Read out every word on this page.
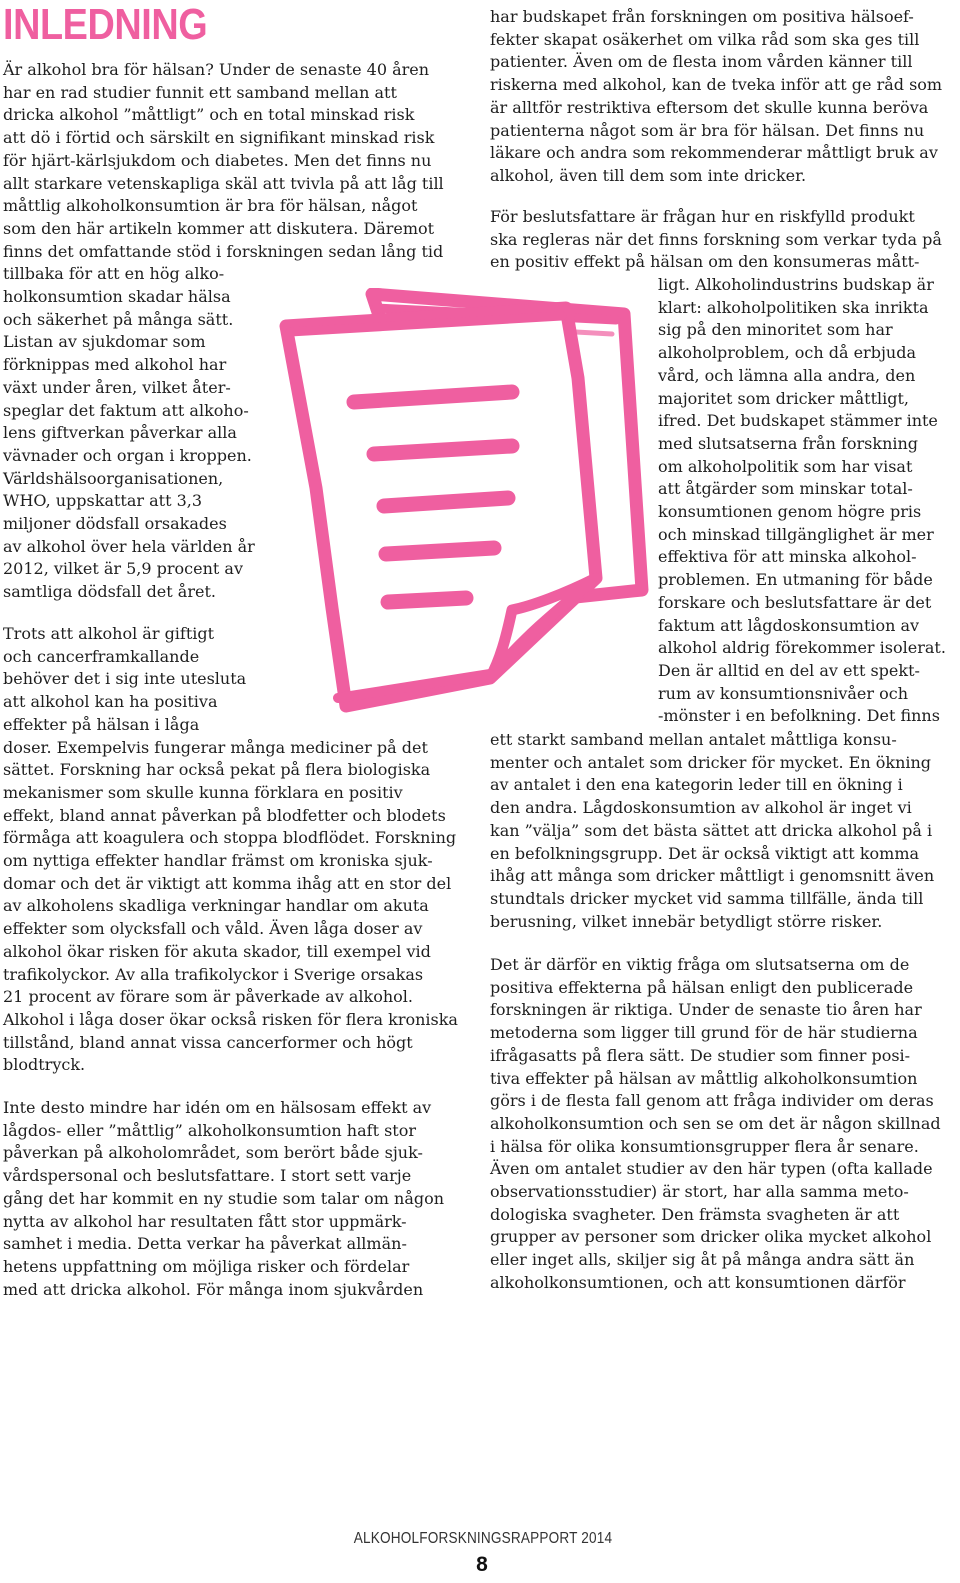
INLEDNING
Är alkohol bra för hälsan? Under de senaste 40 åren
har en rad studier funnit ett samband mellan att
dricka alkohol ”måttligt” och en total minskad risk
att dö i förtid och särskilt en signifikant minskad risk
för hjärt-kärlsjukdom och diabetes. Men det finns nu
allt starkare vetenskapliga skäl att tvivla på att låg till
måttlig alkoholkonsumtion är bra för hälsan, något
som den här artikeln kommer att diskutera. Däremot
finns det omfattande stöd i forskningen sedan lång tid
tillbaka för att en hög alko-
holkonsumtion skadar hälsa
och säkerhet på många sätt.
Listan av sjukdomar som
förknippas med alkohol har
växt under åren, vilket åter-
speglar det faktum att alkoho-
lens giftverkan påverkar alla
vävnader och organ i kroppen.
Världshälsoorganisationen,
WHO, uppskattar att 3,3
miljoner dödsfall orsakades
av alkohol över hela världen år
2012, vilket är 5,9 procent av
samtliga dödsfall det året.
Trots att alkohol är giftigt
och cancerframkallande
behöver det i sig inte utesluta
att alkohol kan ha positiva
effekter på hälsan i låga
doser. Exempelvis fungerar många mediciner på det
sättet. Forskning har också pekat på flera biologiska
mekanismer som skulle kunna förklara en positiv
effekt, bland annat påverkan på blodfetter och blodets
förmåga att koagulera och stoppa blodflödet. Forskning
om nyttiga effekter handlar främst om kroniska sjuk-
domar och det är viktigt att komma ihåg att en stor del
av alkoholens skadliga verkningar handlar om akuta
effekter som olycksfall och våld. Även låga doser av
alkohol ökar risken för akuta skador, till exempel vid
trafikolyckor. Av alla trafikolyckor i Sverige orsakas
21 procent av förare som är påverkade av alkohol.
Alkohol i låga doser ökar också risken för flera kroniska
tillstånd, bland annat vissa cancerformer och högt
blodtryck.
Inte desto mindre har idén om en hälsosam effekt av
lågdos- eller ”måttlig” alkoholkonsumtion haft stor
påverkan på alkoholområdet, som berört både sjuk-
vårdspersonal och beslutsfattare. I stort sett varje
gång det har kommit en ny studie som talar om någon
nytta av alkohol har resultaten fått stor uppmärk-
samhet i media. Detta verkar ha påverkat allmän-
hetens uppfattning om möjliga risker och fördelar
med att dricka alkohol. För många inom sjukvården
har budskapet från forskningen om positiva hälsoef-
fekter skapat osäkerhet om vilka råd som ska ges till
patienter. Även om de flesta inom vården känner till
riskerna med alkohol, kan de tveka inför att ge råd som
är alltför restriktiva eftersom det skulle kunna beröva
patienterna något som är bra för hälsan. Det finns nu
läkare och andra som rekommenderar måttligt bruk av
alkohol, även till dem som inte dricker.
För beslutsfattare är frågan hur en riskfylld produkt
ska regleras när det finns forskning som verkar tyda på
en positiv effekt på hälsan om den konsumeras mått-
ligt. Alkoholindustrins budskap är
klart: alkoholpolitiken ska inrikta
sig på den minoritet som har
alkoholproblem, och då erbjuda
vård, och lämna alla andra, den
majoritet som dricker måttligt,
ifred. Det budskapet stämmer inte
med slutsatserna från forskning
om alkoholpolitik som har visat
att åtgärder som minskar total-
konsumtionen genom högre pris
och minskad tillgänglighet är mer
effektiva för att minska alkohol-
problemen. En utmaning för både
forskare och beslutsfattare är det
faktum att lågdoskonsumtion av
alkohol aldrig förekommer isolerat.
Den är alltid en del av ett spekt-
rum av konsumtionsnivåer och
-mönster i en befolkning. Det finns
ett starkt samband mellan antalet måttliga konsu-
menter och antalet som dricker för mycket. En ökning
av antalet i den ena kategorin leder till en ökning i
den andra. Lågdoskonsumtion av alkohol är inget vi
kan ”välja” som det bästa sättet att dricka alkohol på i
en befolkningsgrupp. Det är också viktigt att komma
ihåg att många som dricker måttligt i genomsnitt även
stundtals dricker mycket vid samma tillfälle, ända till
berusning, vilket innebär betydligt större risker.
Det är därför en viktig fråga om slutsatserna om de
positiva effekterna på hälsan enligt den publicerade
forskningen är riktiga. Under de senaste tio åren har
metoderna som ligger till grund för de här studierna
ifrågasatts på flera sätt. De studier som finner posi-
tiva effekter på hälsan av måttlig alkoholkonsumtion
görs i de flesta fall genom att fråga individer om deras
alkoholkonsumtion och sen se om det är någon skillnad
i hälsa för olika konsumtionsgrupper flera år senare.
Även om antalet studier av den här typen (ofta kallade
observationsstudier) är stort, har alla samma meto-
dologiska svagheter. Den främsta svagheten är att
grupper av personer som dricker olika mycket alkohol
eller inget alls, skiljer sig åt på många andra sätt än
alkoholkonsumtionen, och att konsumtionen därför
ALKOHOLFORSKNINGSRAPPORT 2014
8
